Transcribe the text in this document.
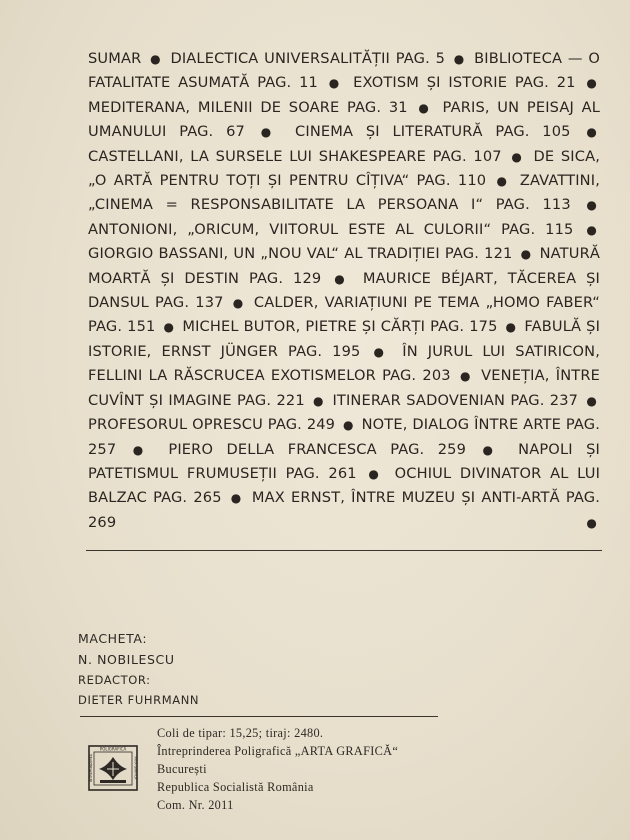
SUMAR ● DIALECTICA UNIVERSALITĂȚII PAG. 5 ● BIBLIOTECA — O FATALITATE ASUMATĂ PAG. 11 ● EXOTISM ȘI ISTORIE PAG. 21 ● MEDITERANA, MILENII DE SOARE PAG. 31 ● PARIS, UN PEISAJ AL UMANULUI PAG. 67 ● CINEMA ȘI LITERATURĂ PAG. 105 ● CASTELLANI, LA SURSELE LUI SHAKESPEARE PAG. 107 ● DE SICA, „O ARTĂ PENTRU TOȚI ȘI PENTRU CÎȚIVA“ PAG. 110 ● ZAVATTINI, „CINEMA = RESPONSABILITATE LA PERSOANA I“ PAG. 113 ● ANTONIONI, „ORICUM, VIITORUL ESTE AL CULORII“ PAG. 115 ● GIORGIO BASSANI, UN „NOU VAL“ AL TRADIȚIEI PAG. 121 ● NATURĂ MOARTĂ ȘI DESTIN PAG. 129 ● MAURICE BÉJART, TĂCEREA ȘI DANSUL PAG. 137 ● CALDER, VARIAȚIUNI PE TEMA „HOMO FABER“ PAG. 151 ● MICHEL BUTOR, PIETRE ȘI CĂRȚI PAG. 175 ● FABULĂ ȘI ISTORIE, ERNST JÜNGER PAG. 195 ● ÎN JURUL LUI SATIRICON, FELLINI LA RĂSCRUCEA EXOTISMELOR PAG. 203 ● VENEȚIA, ÎNTRE CUVÎNT ȘI IMAGINE PAG. 221 ● ITINERAR SADOVENIAN PAG. 237 ● PROFESORUL OPRESCU PAG. 249 ● NOTE, DIALOG ÎNTRE ARTE PAG. 257 ● PIERO DELLA FRANCESCA PAG. 259 ● NAPOLI ȘI PATETISMUL FRUMUSEȚII PAG. 261 ● OCHIUL DIVINATOR AL LUI BALZAC PAG. 265 ● MAX ERNST, ÎNTRE MUZEU ȘI ANTI-ARTĂ PAG. 269	●

MACHETA:
N. NOBILESCU
REDACTOR:
DIETER FUHRMANN
POLIGRAFICĂ
ÎNTREPRINDEREA	ARTA GRAFICĂ
Coli de tipar: 15,25; tiraj: 2480.
Întreprinderea Poligrafică „ARTA GRAFICĂ“
București
Republica Socialistă România
Com. Nr. 2011
